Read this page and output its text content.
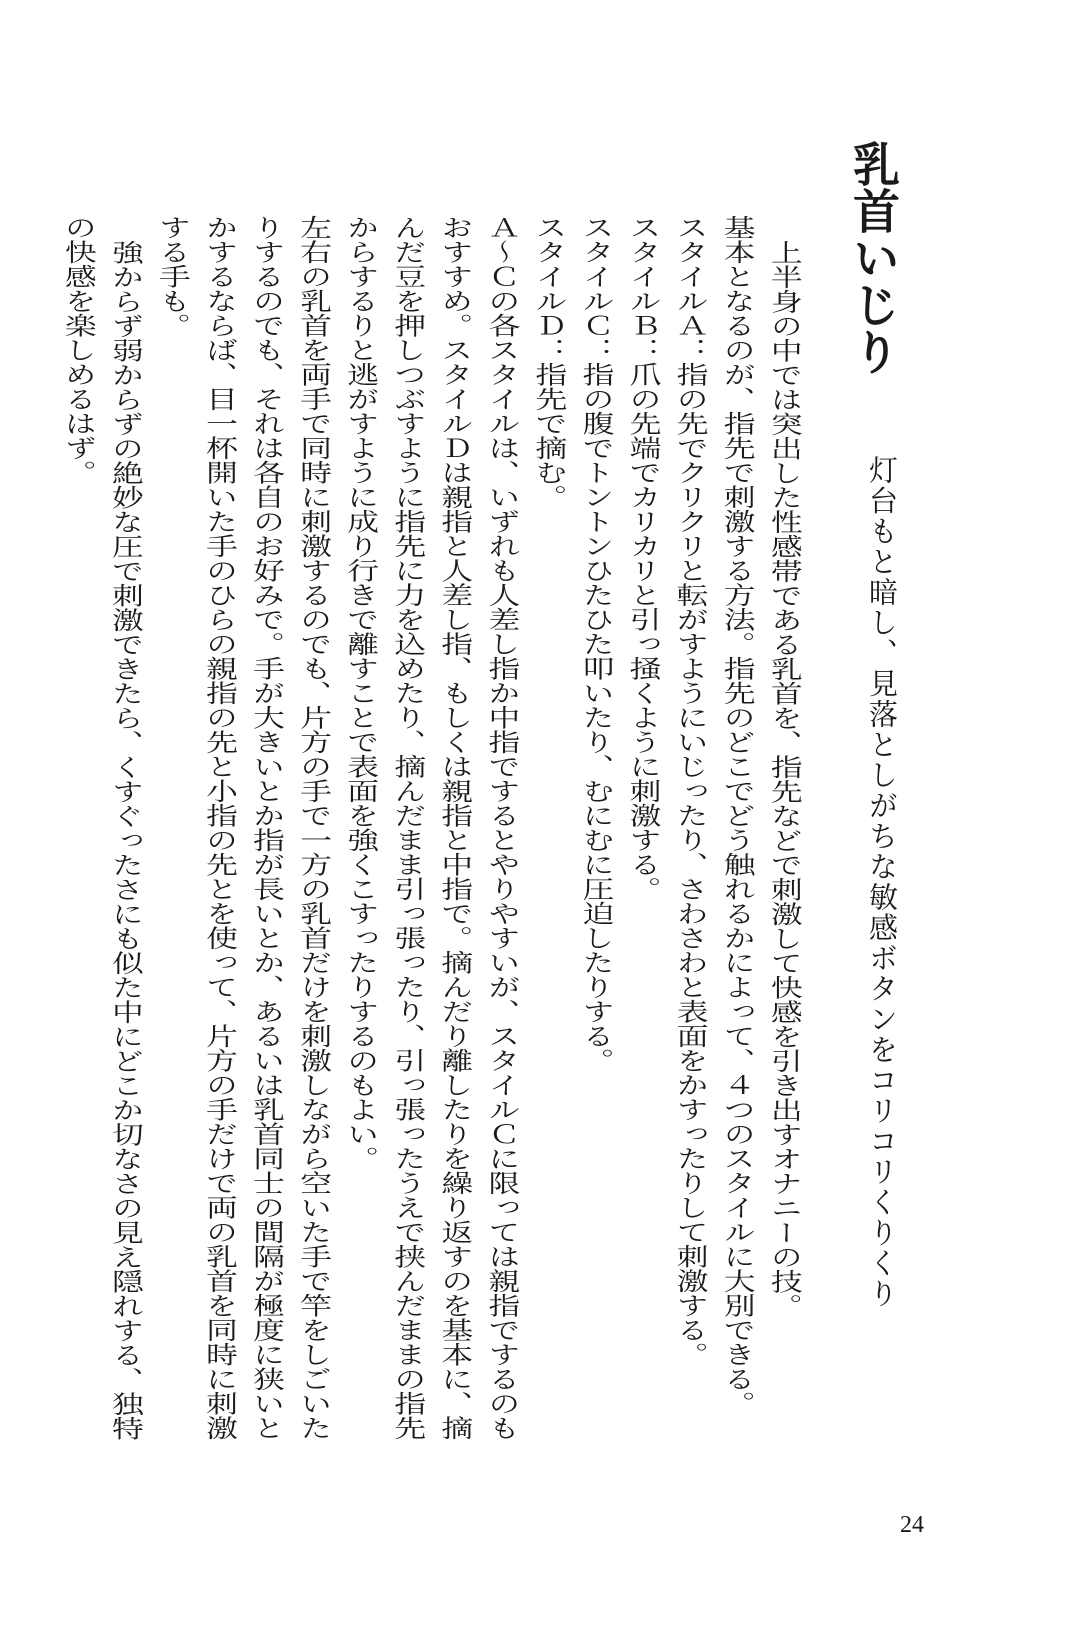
乳首いじり
灯台もと暗し、見落としがちな敏感ボタンをコリコリくりくり

上半身の中では突出した性感帯である乳首を、指先などで刺激して快感を引き出すオナニーの技。

基本となるのが、指先で刺激する方法。指先のどこでどう触れるかによって、４つのスタイルに大別できる。

スタイルＡ：指の先でクリクリと転がすようにいじったり、さわさわと表面をかすったりして刺激する。

スタイルＢ：爪の先端でカリカリと引っ掻くように刺激する。

スタイルＣ：指の腹でトントンひたひた叩いたり、むにむに圧迫したりする。

スタイルＤ：指先で摘む。

Ａ～Ｃの各スタイルは、いずれも人差し指か中指でするとやりやすいが、スタイルＣに限っては親指でするのもおすすめ。スタイルＤは親指と人差し指、もしくは親指と中指で。摘んだり離したりを繰り返すのを基本に、摘んだ豆を押しつぶすように指先に力を込めたり、摘んだまま引っ張ったり、引っ張ったうえで挟んだままの指先からするりと逃がすように成り行きで離すことで表面を強くこすったりするのもよい。

左右の乳首を両手で同時に刺激するのでも、片方の手で一方の乳首だけを刺激しながら空いた手で竿をしごいたりするのでも、それは各自のお好みで。手が大きいとか指が長いとか、あるいは乳首同士の間隔が極度に狭いとかするならば、目一杯開いた手のひらの親指の先と小指の先とを使って、片方の手だけで両の乳首を同時に刺激する手も。

強からず弱からずの絶妙な圧で刺激できたら、くすぐったさにも似た中にどこか切なさの見え隠れする、独特の快感を楽しめるはず。

24
